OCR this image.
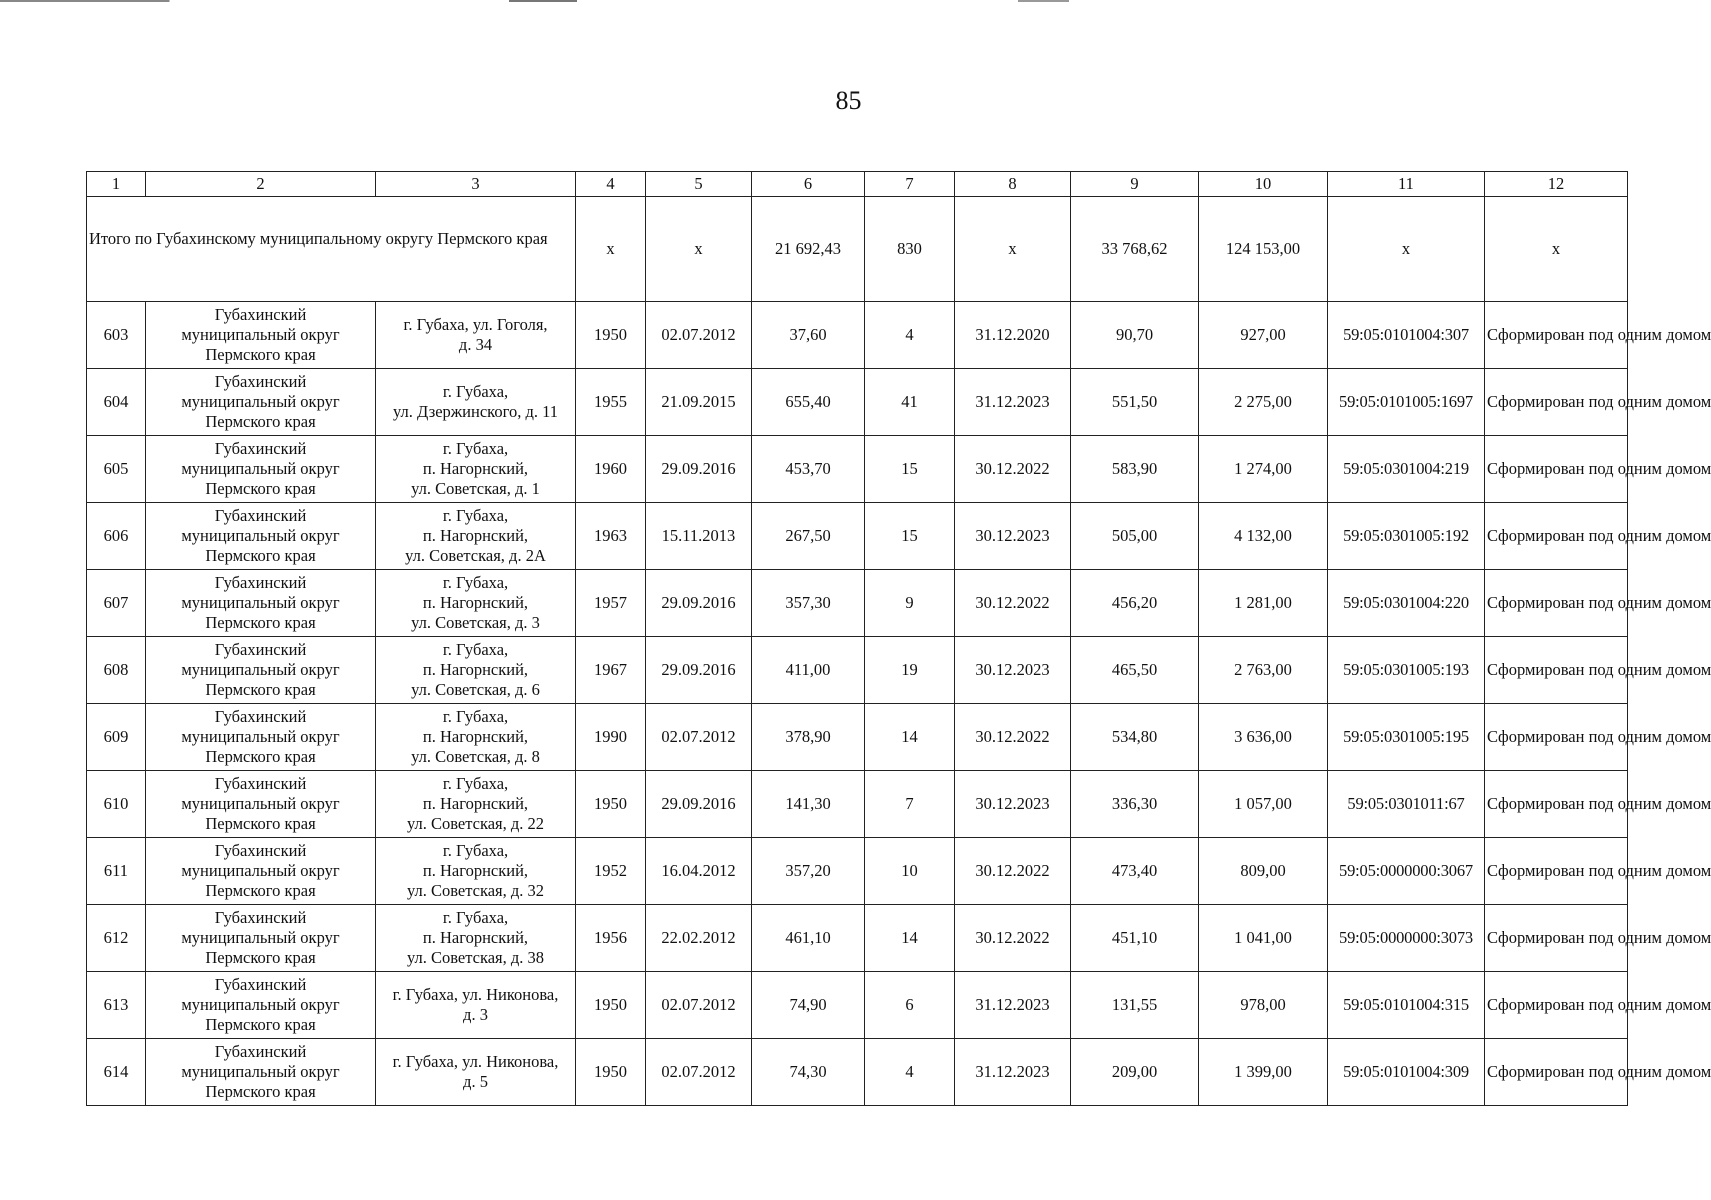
85
1	2	3	4	5	6	7	8	9	10	11	12
Итого по Губахинскому муниципальному округу Пермского края			х	х	21 692,43	830	х	33 768,62	124 153,00	х	х
603	Губахинский
муниципальный округ
Пермского края	г. Губаха, ул. Гоголя,
д. 34	1950	02.07.2012	37,60	4	31.12.2020	90,70	927,00	59:05:0101004:307	Сформирован под одним домом
604	Губахинский
муниципальный округ
Пермского края	г. Губаха,
ул. Дзержинского, д. 11	1955	21.09.2015	655,40	41	31.12.2023	551,50	2 275,00	59:05:0101005:1697	Сформирован под одним домом
605	Губахинский
муниципальный округ
Пермского края	г. Губаха,
п. Нагорнский,
ул. Советская, д. 1	1960	29.09.2016	453,70	15	30.12.2022	583,90	1 274,00	59:05:0301004:219	Сформирован под одним домом
606	Губахинский
муниципальный округ
Пермского края	г. Губаха,
п. Нагорнский,
ул. Советская, д. 2А	1963	15.11.2013	267,50	15	30.12.2023	505,00	4 132,00	59:05:0301005:192	Сформирован под одним домом
607	Губахинский
муниципальный округ
Пермского края	г. Губаха,
п. Нагорнский,
ул. Советская, д. 3	1957	29.09.2016	357,30	9	30.12.2022	456,20	1 281,00	59:05:0301004:220	Сформирован под одним домом
608	Губахинский
муниципальный округ
Пермского края	г. Губаха,
п. Нагорнский,
ул. Советская, д. 6	1967	29.09.2016	411,00	19	30.12.2023	465,50	2 763,00	59:05:0301005:193	Сформирован под одним домом
609	Губахинский
муниципальный округ
Пермского края	г. Губаха,
п. Нагорнский,
ул. Советская, д. 8	1990	02.07.2012	378,90	14	30.12.2022	534,80	3 636,00	59:05:0301005:195	Сформирован под одним домом
610	Губахинский
муниципальный округ
Пермского края	г. Губаха,
п. Нагорнский,
ул. Советская, д. 22	1950	29.09.2016	141,30	7	30.12.2023	336,30	1 057,00	59:05:0301011:67	Сформирован под одним домом
611	Губахинский
муниципальный округ
Пермского края	г. Губаха,
п. Нагорнский,
ул. Советская, д. 32	1952	16.04.2012	357,20	10	30.12.2022	473,40	809,00	59:05:0000000:3067	Сформирован под одним домом
612	Губахинский
муниципальный округ
Пермского края	г. Губаха,
п. Нагорнский,
ул. Советская, д. 38	1956	22.02.2012	461,10	14	30.12.2022	451,10	1 041,00	59:05:0000000:3073	Сформирован под одним домом
613	Губахинский
муниципальный округ
Пермского края	г. Губаха, ул. Никонова,
д. 3	1950	02.07.2012	74,90	6	31.12.2023	131,55	978,00	59:05:0101004:315	Сформирован под одним домом
614	Губахинский
муниципальный округ
Пермского края	г. Губаха, ул. Никонова,
д. 5	1950	02.07.2012	74,30	4	31.12.2023	209,00	1 399,00	59:05:0101004:309	Сформирован под одним домом
